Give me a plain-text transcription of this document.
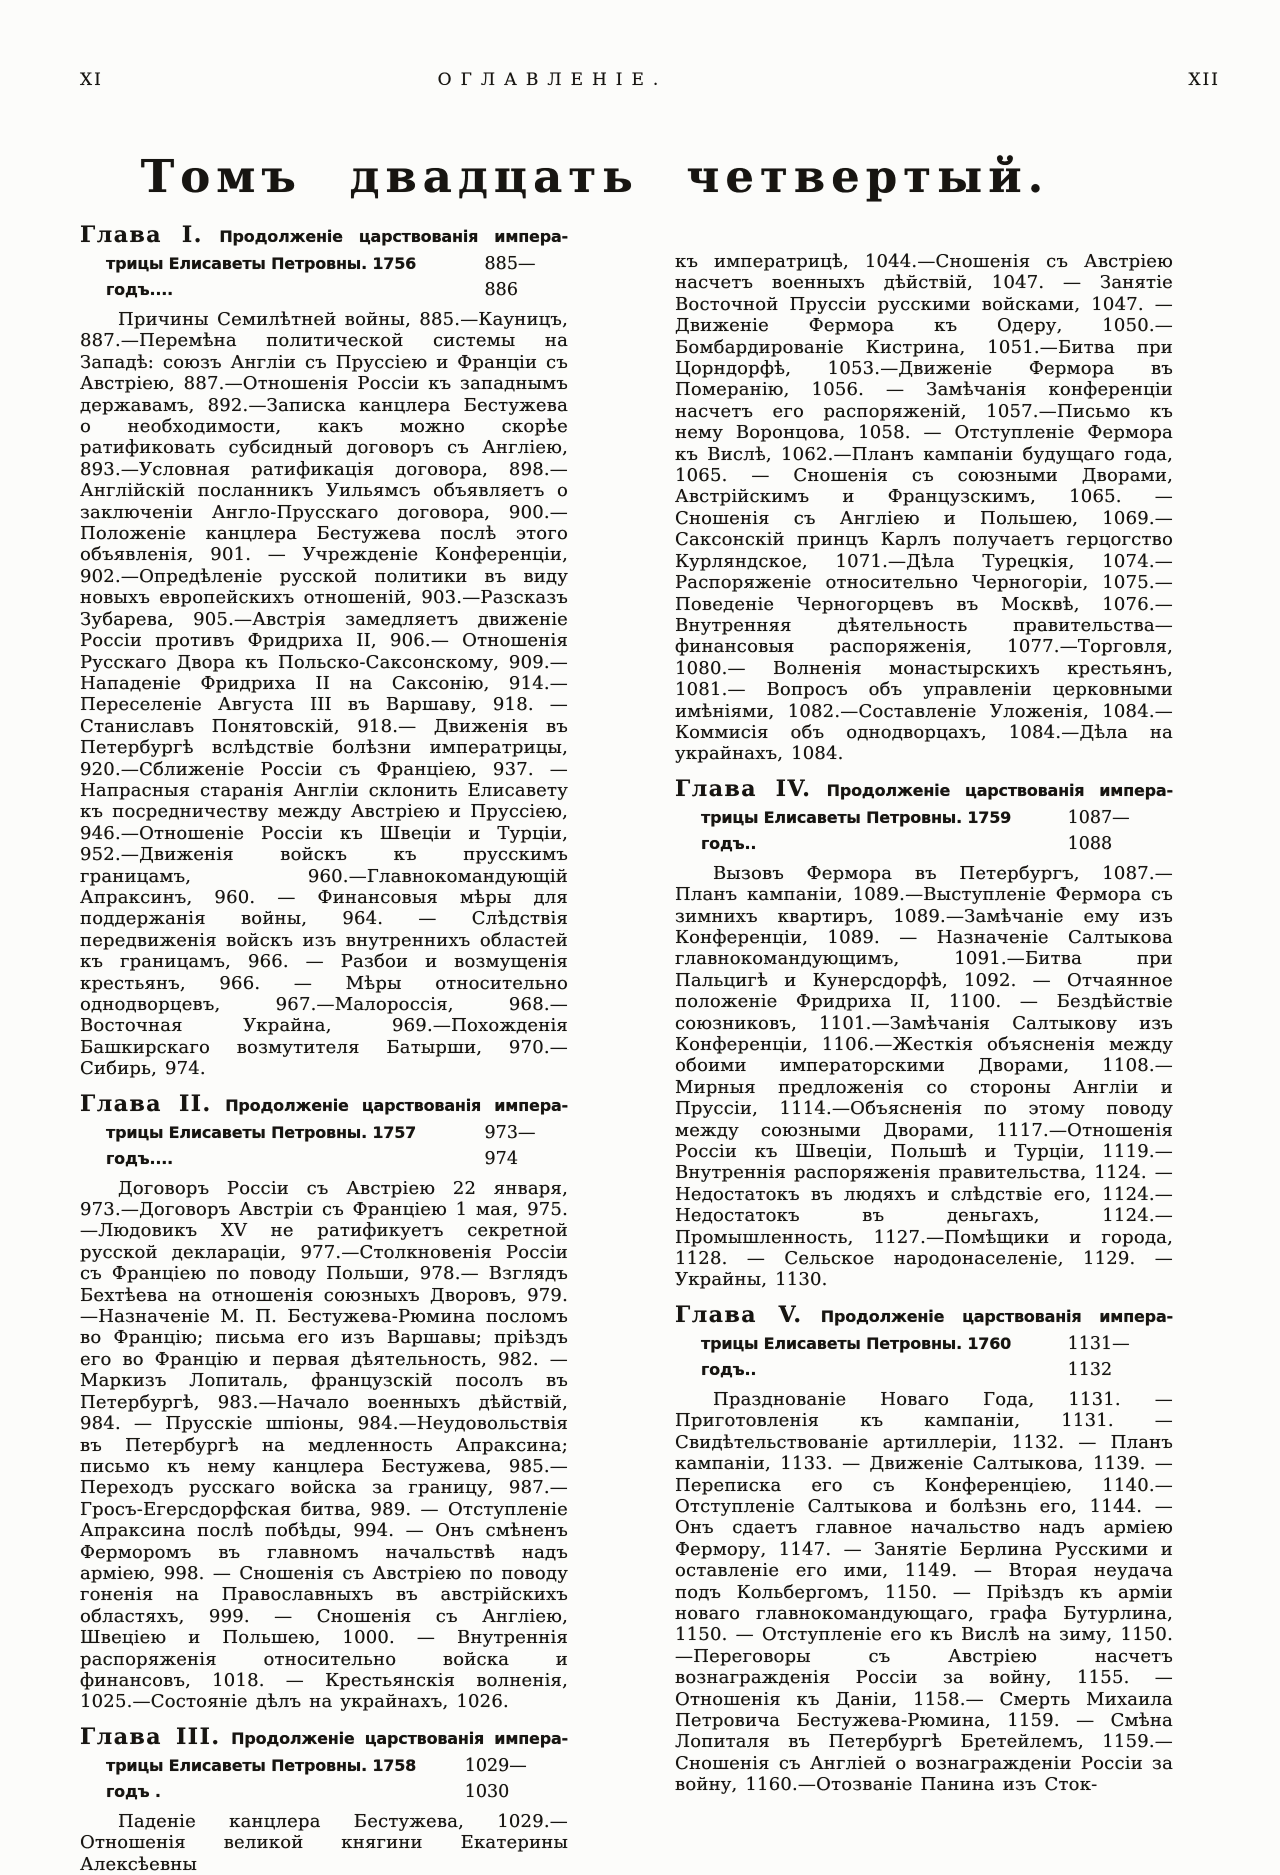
XI	ОГЛАВЛЕНІЕ.	XII
Томъ двадцать четвертый.
Глава I. Продолженіе царствованія импера-
трицы Елисаветы Петровны. 1756 годъ....
885—886

Причины Семилѣтней войны, 885.—Кауницъ, 887.—Перемѣна политической системы на Западѣ: союзъ Англіи съ Пруссіею и Франціи съ Австріею, 887.—Отношенія Россіи къ западнымъ державамъ, 892.—Записка канцлера Бестужева о необходимости, какъ можно скорѣе ратификовать субсидный договоръ съ Англіею, 893.—Условная ратификація договора, 898.—Англійскій посланникъ Уильямсъ объявляетъ о заключеніи Англо-Прусскаго договора, 900.—Положеніе канцлера Бестужева послѣ этого объявленія, 901. — Учрежденіе Конференціи, 902.—Опредѣленіе русской политики въ виду новыхъ европейскихъ отношеній, 903.—Разсказъ Зубарева, 905.—Австрія замедляетъ движеніе Россіи противъ Фридриха II, 906.— Отношенія Русскаго Двора къ Польско-Саксонскому, 909.—Нападеніе Фридриха II на Саксонію, 914.—Переселеніе Августа III въ Варшаву, 918. — Станиславъ Понятовскій, 918.— Движенія въ Петербургѣ вслѣдствіе болѣзни императрицы, 920.—Сближеніе Россіи съ Франціею, 937. — Напрасныя старанія Англіи склонить Елисавету къ посредничеству между Австріею и Пруссіею, 946.—Отношеніе Россіи къ Швеціи и Турціи, 952.—Движенія войскъ къ прусскимъ границамъ, 960.—Главнокомандующій Апраксинъ, 960. — Финансовыя мѣры для поддержанія войны, 964. — Слѣдствія передвиженія войскъ изъ внутреннихъ областей къ границамъ, 966. — Разбои и возмущенія крестьянъ, 966. — Мѣры относительно однодворцевъ, 967.—Малороссія, 968.—Восточная Украйна, 969.—Похожденія Башкирскаго возмутителя Батырши, 970.—Сибирь, 974.

Глава II. Продолженіе царствованія импера-
трицы Елисаветы Петровны. 1757 годъ....
973—974

Договоръ Россіи съ Австріею 22 января, 973.—Договоръ Австріи съ Франціею 1 мая, 975.—Людовикъ XV не ратификуетъ секретной русской деклараціи, 977.—Столкновенія Россіи съ Франціею по поводу Польши, 978.— Взглядъ Бехтѣева на отношенія союзныхъ Дворовъ, 979.—Назначеніе М. П. Бестужева-Рюмина посломъ во Францію; письма его изъ Варшавы; пріѣздъ его во Францію и первая дѣятельность, 982. — Маркизъ Лопиталь, французскій посолъ въ Петербургѣ, 983.—Начало военныхъ дѣйствій, 984. — Прусскіе шпіоны, 984.—Неудовольствія въ Петербургѣ на медленность Апраксина; письмо къ нему канцлера Бестужева, 985.—Переходъ русскаго войска за границу, 987.—Гросъ-Егерсдорфская битва, 989. — Отступленіе Апраксина послѣ побѣды, 994. — Онъ смѣненъ Ферморомъ въ главномъ начальствѣ надъ арміею, 998. — Сношенія съ Австріею по поводу гоненія на Православныхъ въ австрійскихъ областяхъ, 999. — Сношенія съ Англіею, Швеціею и Польшею, 1000. — Внутреннія распоряженія относительно войска и финансовъ, 1018. — Крестьянскія волненія, 1025.—Состояніе дѣлъ на украйнахъ, 1026.

Глава III. Продолженіе царствованія импера-
трицы Елисаветы Петровны. 1758 годъ .
1029—1030

Паденіе канцлера Бестужева, 1029.—Отношенія великой княгини Екатерины Алексѣевны

къ императрицѣ, 1044.—Сношенія съ Австріею насчетъ военныхъ дѣйствій, 1047. — Занятіе Восточной Пруссіи русскими войсками, 1047. — Движеніе Фермора къ Одеру, 1050.—Бомбардированіе Кистрина, 1051.—Битва при Цорндорфѣ, 1053.—Движеніе Фермора въ Померанію, 1056. — Замѣчанія конференціи насчетъ его распоряженій, 1057.—Письмо къ нему Воронцова, 1058. — Отступленіе Фермора къ Вислѣ, 1062.—Планъ кампаніи будущаго года, 1065. — Сношенія съ союзными Дворами, Австрійскимъ и Французскимъ, 1065. — Сношенія съ Англіею и Польшею, 1069.—Саксонскій принцъ Карлъ получаетъ герцогство Курляндское, 1071.—Дѣла Турецкія, 1074.—Распоряженіе относительно Черногоріи, 1075.—Поведеніе Черногорцевъ въ Москвѣ, 1076.—Внутренняя дѣятельность правительства—финансовыя распоряженія, 1077.—Торговля, 1080.— Волненія монастырскихъ крестьянъ, 1081.— Вопросъ объ управленіи церковными имѣніями, 1082.—Составленіе Уложенія, 1084.—Коммисія объ однодворцахъ, 1084.—Дѣла на украйнахъ, 1084.

Глава IV. Продолженіе царствованія импера-
трицы Елисаветы Петровны. 1759 годъ..
1087—1088

Вызовъ Фермора въ Петербургъ, 1087.— Планъ кампаніи, 1089.—Выступленіе Фермора съ зимнихъ квартиръ, 1089.—Замѣчаніе ему изъ Конференціи, 1089. — Назначеніе Салтыкова главнокомандующимъ, 1091.—Битва при Пальцигѣ и Кунерсдорфѣ, 1092. — Отчаянное положеніе Фридриха II, 1100. — Бездѣйствіе союзниковъ, 1101.—Замѣчанія Салтыкову изъ Конференціи, 1106.—Жесткія объясненія между обоими императорскими Дворами, 1108.— Мирныя предложенія со стороны Англіи и Пруссіи, 1114.—Объясненія по этому поводу между союзными Дворами, 1117.—Отношенія Россіи къ Швеціи, Польшѣ и Турціи, 1119.— Внутреннія распоряженія правительства, 1124. — Недостатокъ въ людяхъ и слѣдствіе его, 1124.—Недостатокъ въ деньгахъ, 1124.— Промышленность, 1127.—Помѣщики и города, 1128. — Сельское народонаселеніе, 1129. — Украйны, 1130.

Глава V. Продолженіе царствованія импера-
трицы Елисаветы Петровны. 1760 годъ..
1131—1132

Празднованіе Новаго Года, 1131. — Приготовленія къ кампаніи, 1131. — Свидѣтельствованіе артиллеріи, 1132. — Планъ кампаніи, 1133. — Движеніе Салтыкова, 1139. — Переписка его съ Конференціею, 1140.—Отступленіе Салтыкова и болѣзнь его, 1144. — Онъ сдаетъ главное начальство надъ арміею Фермору, 1147. — Занятіе Берлина Русскими и оставленіе его ими, 1149. — Вторая неудача подъ Кольбергомъ, 1150. — Пріѣздъ къ арміи новаго главнокомандующаго, графа Бутурлина, 1150. — Отступленіе его къ Вислѣ на зиму, 1150.—Переговоры съ Австріею насчетъ вознагражденія Россіи за войну, 1155. — Отношенія къ Даніи, 1158.— Смерть Михаила Петровича Бестужева-Рюмина, 1159. — Смѣна Лопиталя въ Петербургѣ Бретейлемъ, 1159.— Сношенія съ Англіей о вознагражденіи Россіи за войну, 1160.—Отозваніе Панина изъ Сток-
